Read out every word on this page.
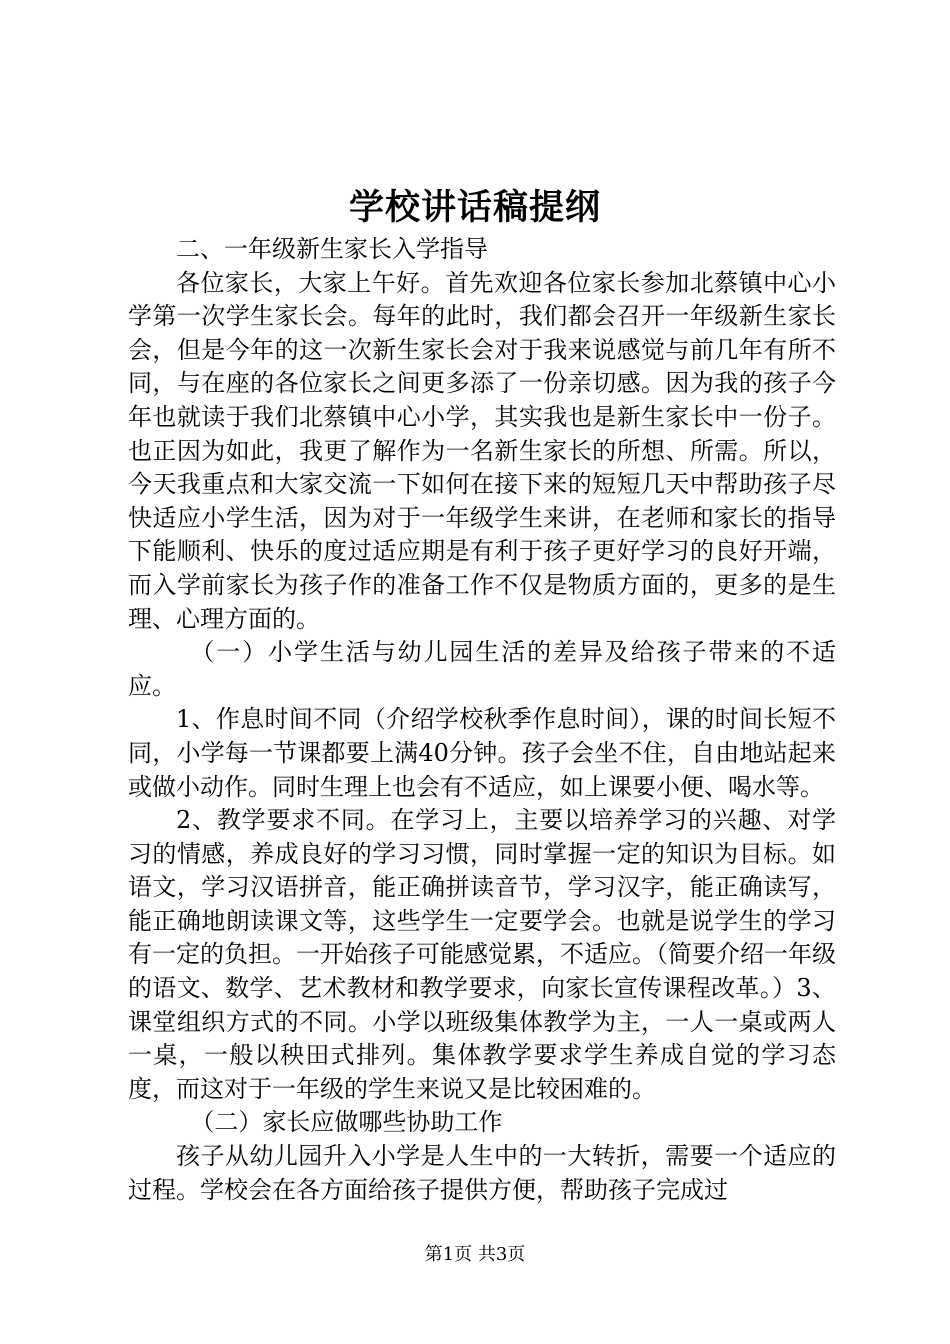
学校讲话稿提纲

二、一年级新生家长入学指导

各位家长，大家上午好。首先欢迎各位家长参加北蔡镇中心小学第一次学生家长会。每年的此时，我们都会召开一年级新生家长会，但是今年的这一次新生家长会对于我来说感觉与前几年有所不同，与在座的各位家长之间更多添了一份亲切感。因为我的孩子今年也就读于我们北蔡镇中心小学，其实我也是新生家长中一份子。也正因为如此，我更了解作为一名新生家长的所想、所需。所以，今天我重点和大家交流一下如何在接下来的短短几天中帮助孩子尽快适应小学生活，因为对于一年级学生来讲，在老师和家长的指导下能顺利、快乐的度过适应期是有利于孩子更好学习的良好开端，而入学前家长为孩子作的准备工作不仅是物质方面的，更多的是生理、心理方面的。

（一）小学生活与幼儿园生活的差异及给孩子带来的不适应。

1、作息时间不同（介绍学校秋季作息时间），课的时间长短不同，小学每一节课都要上满40分钟。孩子会坐不住，自由地站起来或做小动作。同时生理上也会有不适应，如上课要小便、喝水等。

2、教学要求不同。在学习上，主要以培养学习的兴趣、对学习的情感，养成良好的学习习惯，同时掌握一定的知识为目标。如语文，学习汉语拼音，能正确拼读音节，学习汉字，能正确读写，能正确地朗读课文等，这些学生一定要学会。也就是说学生的学习有一定的负担。一开始孩子可能感觉累，不适应。（简要介绍一年级的语文、数学、艺术教材和教学要求，向家长宣传课程改革。）3、课堂组织方式的不同。小学以班级集体教学为主，一人一桌或两人一桌，一般以秧田式排列。集体教学要求学生养成自觉的学习态度，而这对于一年级的学生来说又是比较困难的。

（二）家长应做哪些协助工作

孩子从幼儿园升入小学是人生中的一大转折，需要一个适应的过程。学校会在各方面给孩子提供方便，帮助孩子完成过

第1页 共3页
